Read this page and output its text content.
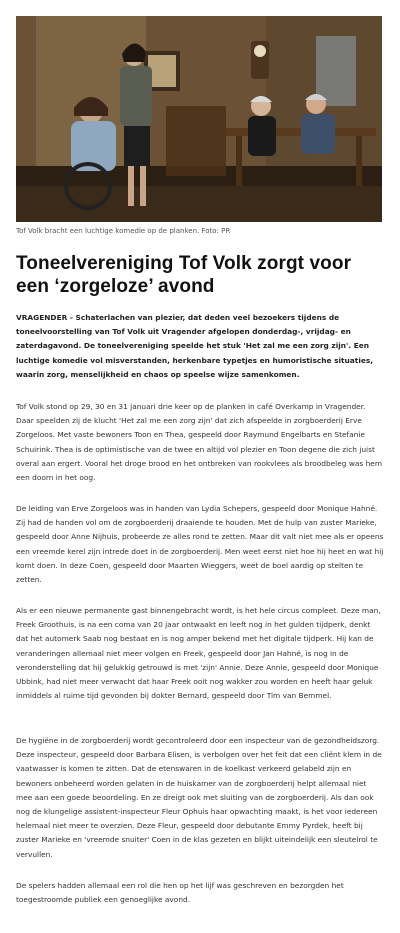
Tof Volk bracht een luchtige komedie op de planken. Foto: PR
Toneelvereniging Tof Volk zorgt voor een ‘zorgeloze’ avond

VRAGENDER - Schaterlachen van plezier, dat deden veel bezoekers tijdens de toneelvoorstelling van Tof Volk uit Vragender afgelopen donderdag-, vrijdag- en zaterdagavond. De toneelvereniging speelde het stuk 'Het zal me een zorg zijn'. Een luchtige komedie vol misverstanden, herkenbare typetjes en humoristische situaties, waarin zorg, menselijkheid en chaos op speelse wijze samenkomen.

Tof Volk stond op 29, 30 en 31 januari drie keer op de planken in café Overkamp in Vragender. Daar speelden zij de klucht 'Het zal me een zorg zijn' dat zich afspeelde in zorgboerderij Erve Zorgeloos. Met vaste bewoners Toon en Thea, gespeeld door Raymund Engelbarts en Stefanie Schuirink. Thea is de optimistische van de twee en altijd vol plezier en Toon degene die zich juist overal aan ergert. Vooral het droge brood en het ontbreken van rookvlees als broodbeleg was hem een doorn in het oog.

De leiding van Erve Zorgeloos was in handen van Lydia Schepers, gespeeld door Monique Hahné. Zij had de handen vol om de zorgboerderij draaiende te houden. Met de hulp van zuster Marieke, gespeeld door Anne Nijhuis, probeerde ze alles rond te zetten. Maar dit valt niet mee als er opeens een vreemde kerel zijn intrede doet in de zorgboerderij. Men weet eerst niet hoe hij heet en wat hij komt doen. In deze Coen, gespeeld door Maarten Wieggers, weet de boel aardig op stelten te zetten.

Als er een nieuwe permanente gast binnengebracht wordt, is het hele circus compleet. Deze man, Freek Groothuis, is na een coma van 20 jaar ontwaakt en leeft nog in het gulden tijdperk, denkt dat het automerk Saab nog bestaat en is nog amper bekend met het digitale tijdperk. Hij kan de veranderingen allemaal niet meer volgen en Freek, gespeeld door Jan Hahné, is nog in de veronderstelling dat hij gelukkig getrouwd is met 'zijn' Annie. Deze Annie, gespeeld door Monique Ubbink, had niet meer verwacht dat haar Freek ooit nog wakker zou worden en heeft haar geluk inmiddels al ruime tijd gevonden bij dokter Bernard, gespeeld door Tim van Bemmel.

De hygiëne in de zorgboerderij wordt gecontroleerd door een inspecteur van de gezondheidszorg. Deze inspecteur, gespeeld door Barbara Elisen, is verbolgen over het feit dat een cliënt klem in de vaatwasser is komen te zitten. Dat de etenswaren in de koelkast verkeerd gelabeld zijn en bewoners onbeheerd worden gelaten in de huiskamer van de zorgboerderij helpt allemaal niet mee aan een goede beoordeling. En ze dreigt ook met sluiting van de zorgboerderij. Als dan ook nog de klungelige assistent-inspecteur Fleur Ophuis haar opwachting maakt, is het voor iedereen helemaal niet meer te overzien. Deze Fleur, gespeeld door debutante Emmy Pyrdek, heeft bij zuster Marieke en 'vreemde snuiter' Coen in de klas gezeten en blijkt uiteindelijk een sleutelrol te vervullen.

De spelers hadden allemaal een rol die hen op het lijf was geschreven en bezorgden het toegestroomde publiek een genoeglijke avond.
